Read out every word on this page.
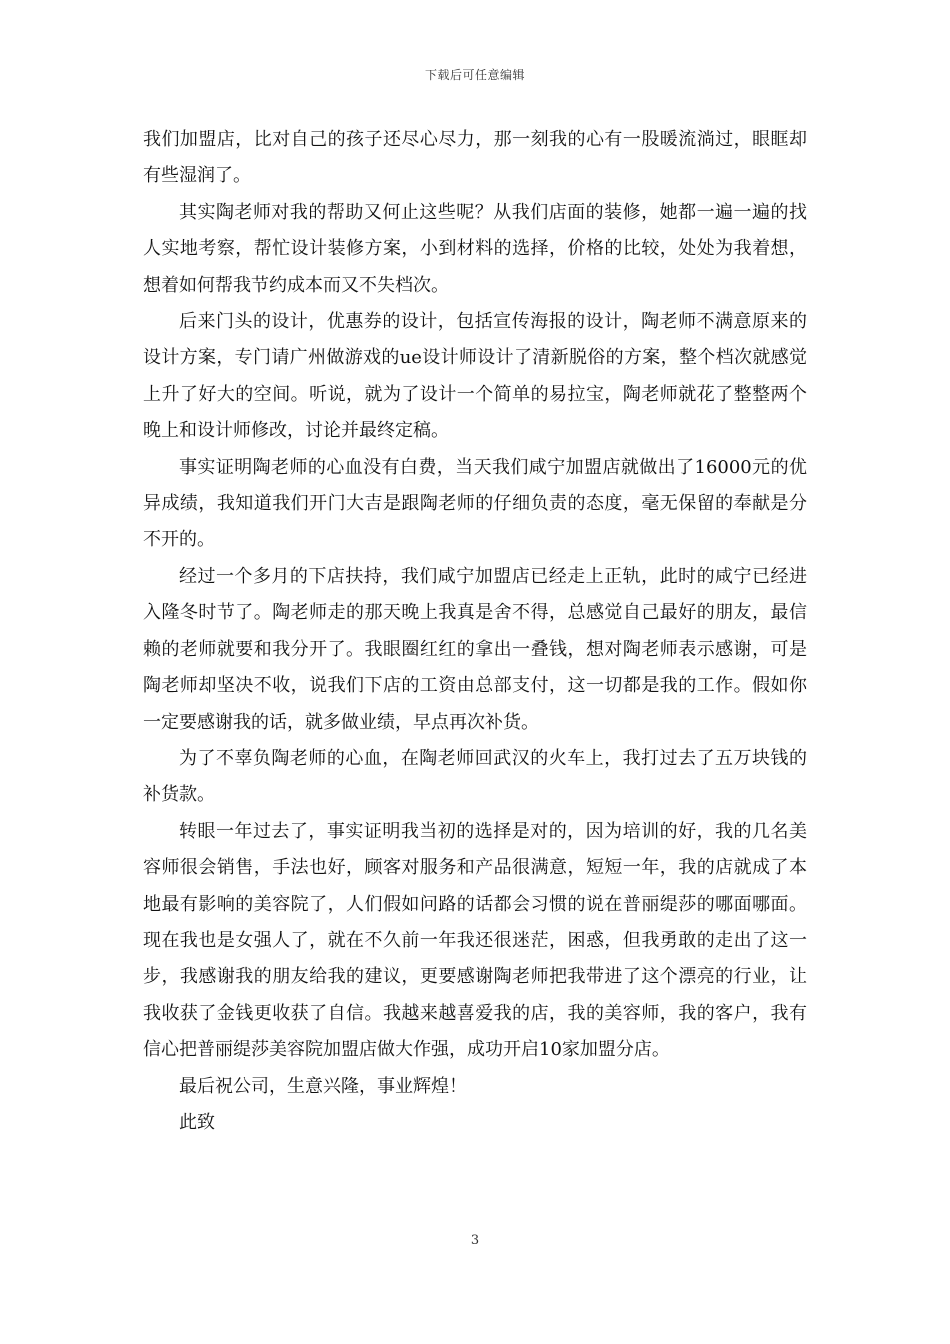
下载后可任意编辑

我们加盟店，比对自己的孩子还尽心尽力，那一刻我的心有一股暖流淌过，眼眶却有些湿润了。

其实陶老师对我的帮助又何止这些呢？从我们店面的装修，她都一遍一遍的找人实地考察，帮忙设计装修方案，小到材料的选择，价格的比较，处处为我着想，想着如何帮我节约成本而又不失档次。

后来门头的设计，优惠券的设计，包括宣传海报的设计，陶老师不满意原来的设计方案，专门请广州做游戏的ue设计师设计了清新脱俗的方案，整个档次就感觉上升了好大的空间。听说，就为了设计一个简单的易拉宝，陶老师就花了整整两个晚上和设计师修改，讨论并最终定稿。

事实证明陶老师的心血没有白费，当天我们咸宁加盟店就做出了16000元的优异成绩，我知道我们开门大吉是跟陶老师的仔细负责的态度，毫无保留的奉献是分不开的。

经过一个多月的下店扶持，我们咸宁加盟店已经走上正轨，此时的咸宁已经进入隆冬时节了。陶老师走的那天晚上我真是舍不得，总感觉自己最好的朋友，最信赖的老师就要和我分开了。我眼圈红红的拿出一叠钱，想对陶老师表示感谢，可是陶老师却坚决不收，说我们下店的工资由总部支付，这一切都是我的工作。假如你一定要感谢我的话，就多做业绩，早点再次补货。

为了不辜负陶老师的心血，在陶老师回武汉的火车上，我打过去了五万块钱的补货款。

转眼一年过去了，事实证明我当初的选择是对的，因为培训的好，我的几名美容师很会销售，手法也好，顾客对服务和产品很满意，短短一年，我的店就成了本地最有影响的美容院了，人们假如问路的话都会习惯的说在普丽缇莎的哪面哪面。现在我也是女强人了，就在不久前一年我还很迷茫，困惑，但我勇敢的走出了这一步，我感谢我的朋友给我的建议，更要感谢陶老师把我带进了这个漂亮的行业，让我收获了金钱更收获了自信。我越来越喜爱我的店，我的美容师，我的客户，我有信心把普丽缇莎美容院加盟店做大作强，成功开启10家加盟分店。

最后祝公司，生意兴隆，事业辉煌！

此致

3
